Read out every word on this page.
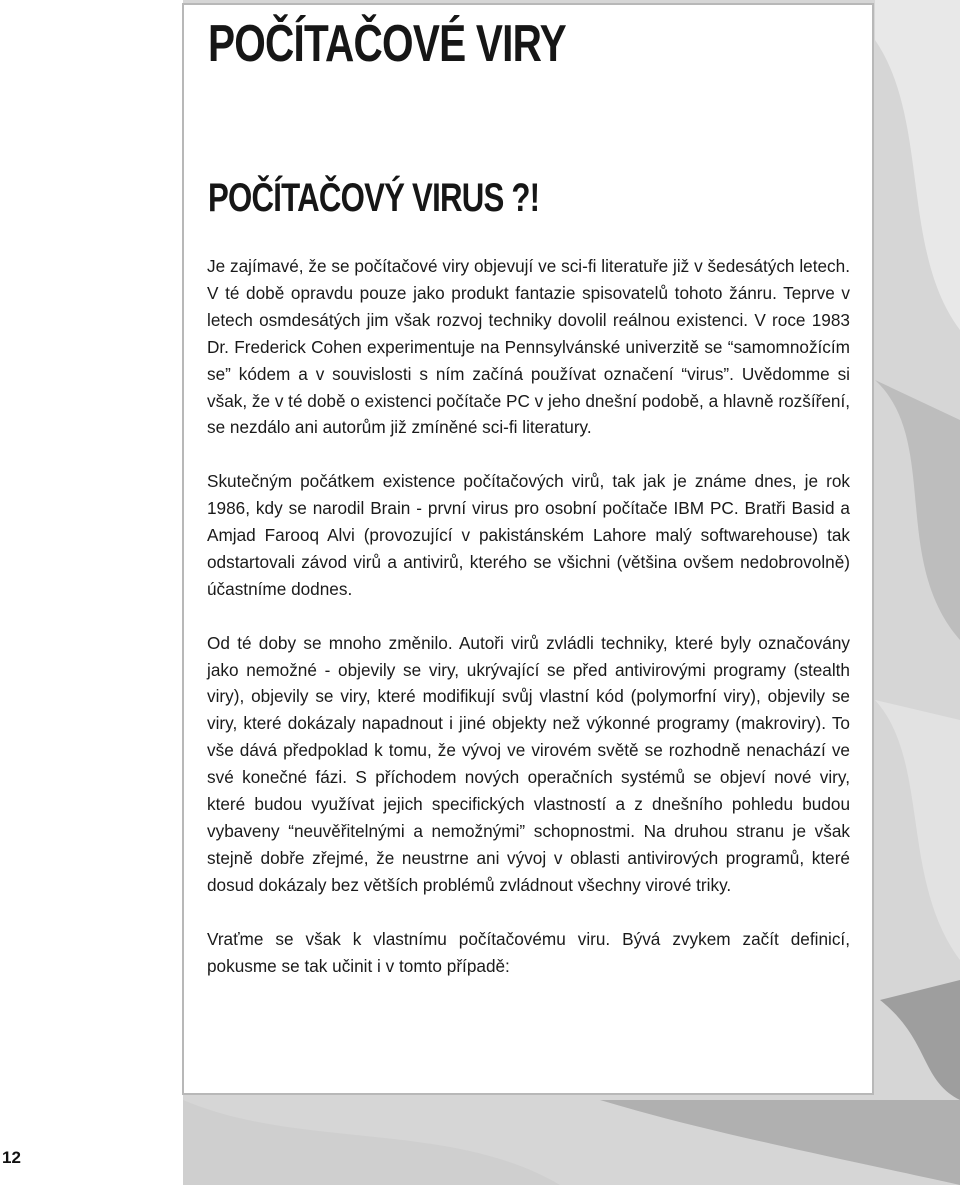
12
POČÍTAČOVÉ VIRY
POČÍTAČOVÝ VIRUS ?!

Je zajímavé, že se počítačové viry objevují ve sci-fi literatuře již v šedesátých letech. V té době opravdu pouze jako produkt fantazie spisovatelů tohoto žánru. Teprve v letech osmdesátých jim však rozvoj techniky dovolil reálnou existenci. V roce 1983 Dr. Frederick Cohen experimentuje na Pennsylvánské univerzitě se “samomnožícím se” kódem a v souvislosti s ním začíná používat označení “virus”. Uvědomme si však, že v té době o existenci počítače PC v jeho dnešní podobě, a hlavně rozšíření, se nezdálo ani autorům již zmíněné sci-fi literatury.

Skutečným počátkem existence počítačových virů, tak jak je známe dnes, je rok 1986, kdy se narodil Brain - první virus pro osobní počítače IBM PC. Bratři Basid a Amjad Farooq Alvi (provozující v pakistánském Lahore malý softwarehouse) tak odstartovali závod virů a antivirů, kterého se všichni (většina ovšem nedobrovolně) účastníme dodnes.

Od té doby se mnoho změnilo. Autoři virů zvládli techniky, které byly označovány jako nemožné - objevily se viry, ukrývající se před antivirovými programy (stealth viry), objevily se viry, které modifikují svůj vlastní kód (polymorfní viry), objevily se viry, které dokázaly napadnout i jiné objekty než výkonné programy (makroviry). To vše dává předpoklad k tomu, že vývoj ve virovém světě se rozhodně nenachází ve své konečné fázi. S příchodem nových operačních systémů se objeví nové viry, které budou využívat jejich specifických vlastností a z dnešního pohledu budou vybaveny “neuvěřitelnými a nemožnými” schopnostmi. Na druhou stranu je však stejně dobře zřejmé, že neustrne ani vývoj v oblasti antivirových programů, které dosud dokázaly bez větších problémů zvládnout všechny virové triky.

Vraťme se však k vlastnímu počítačovému viru. Bývá zvykem začít definicí, pokusme se tak učinit i v tomto případě:
